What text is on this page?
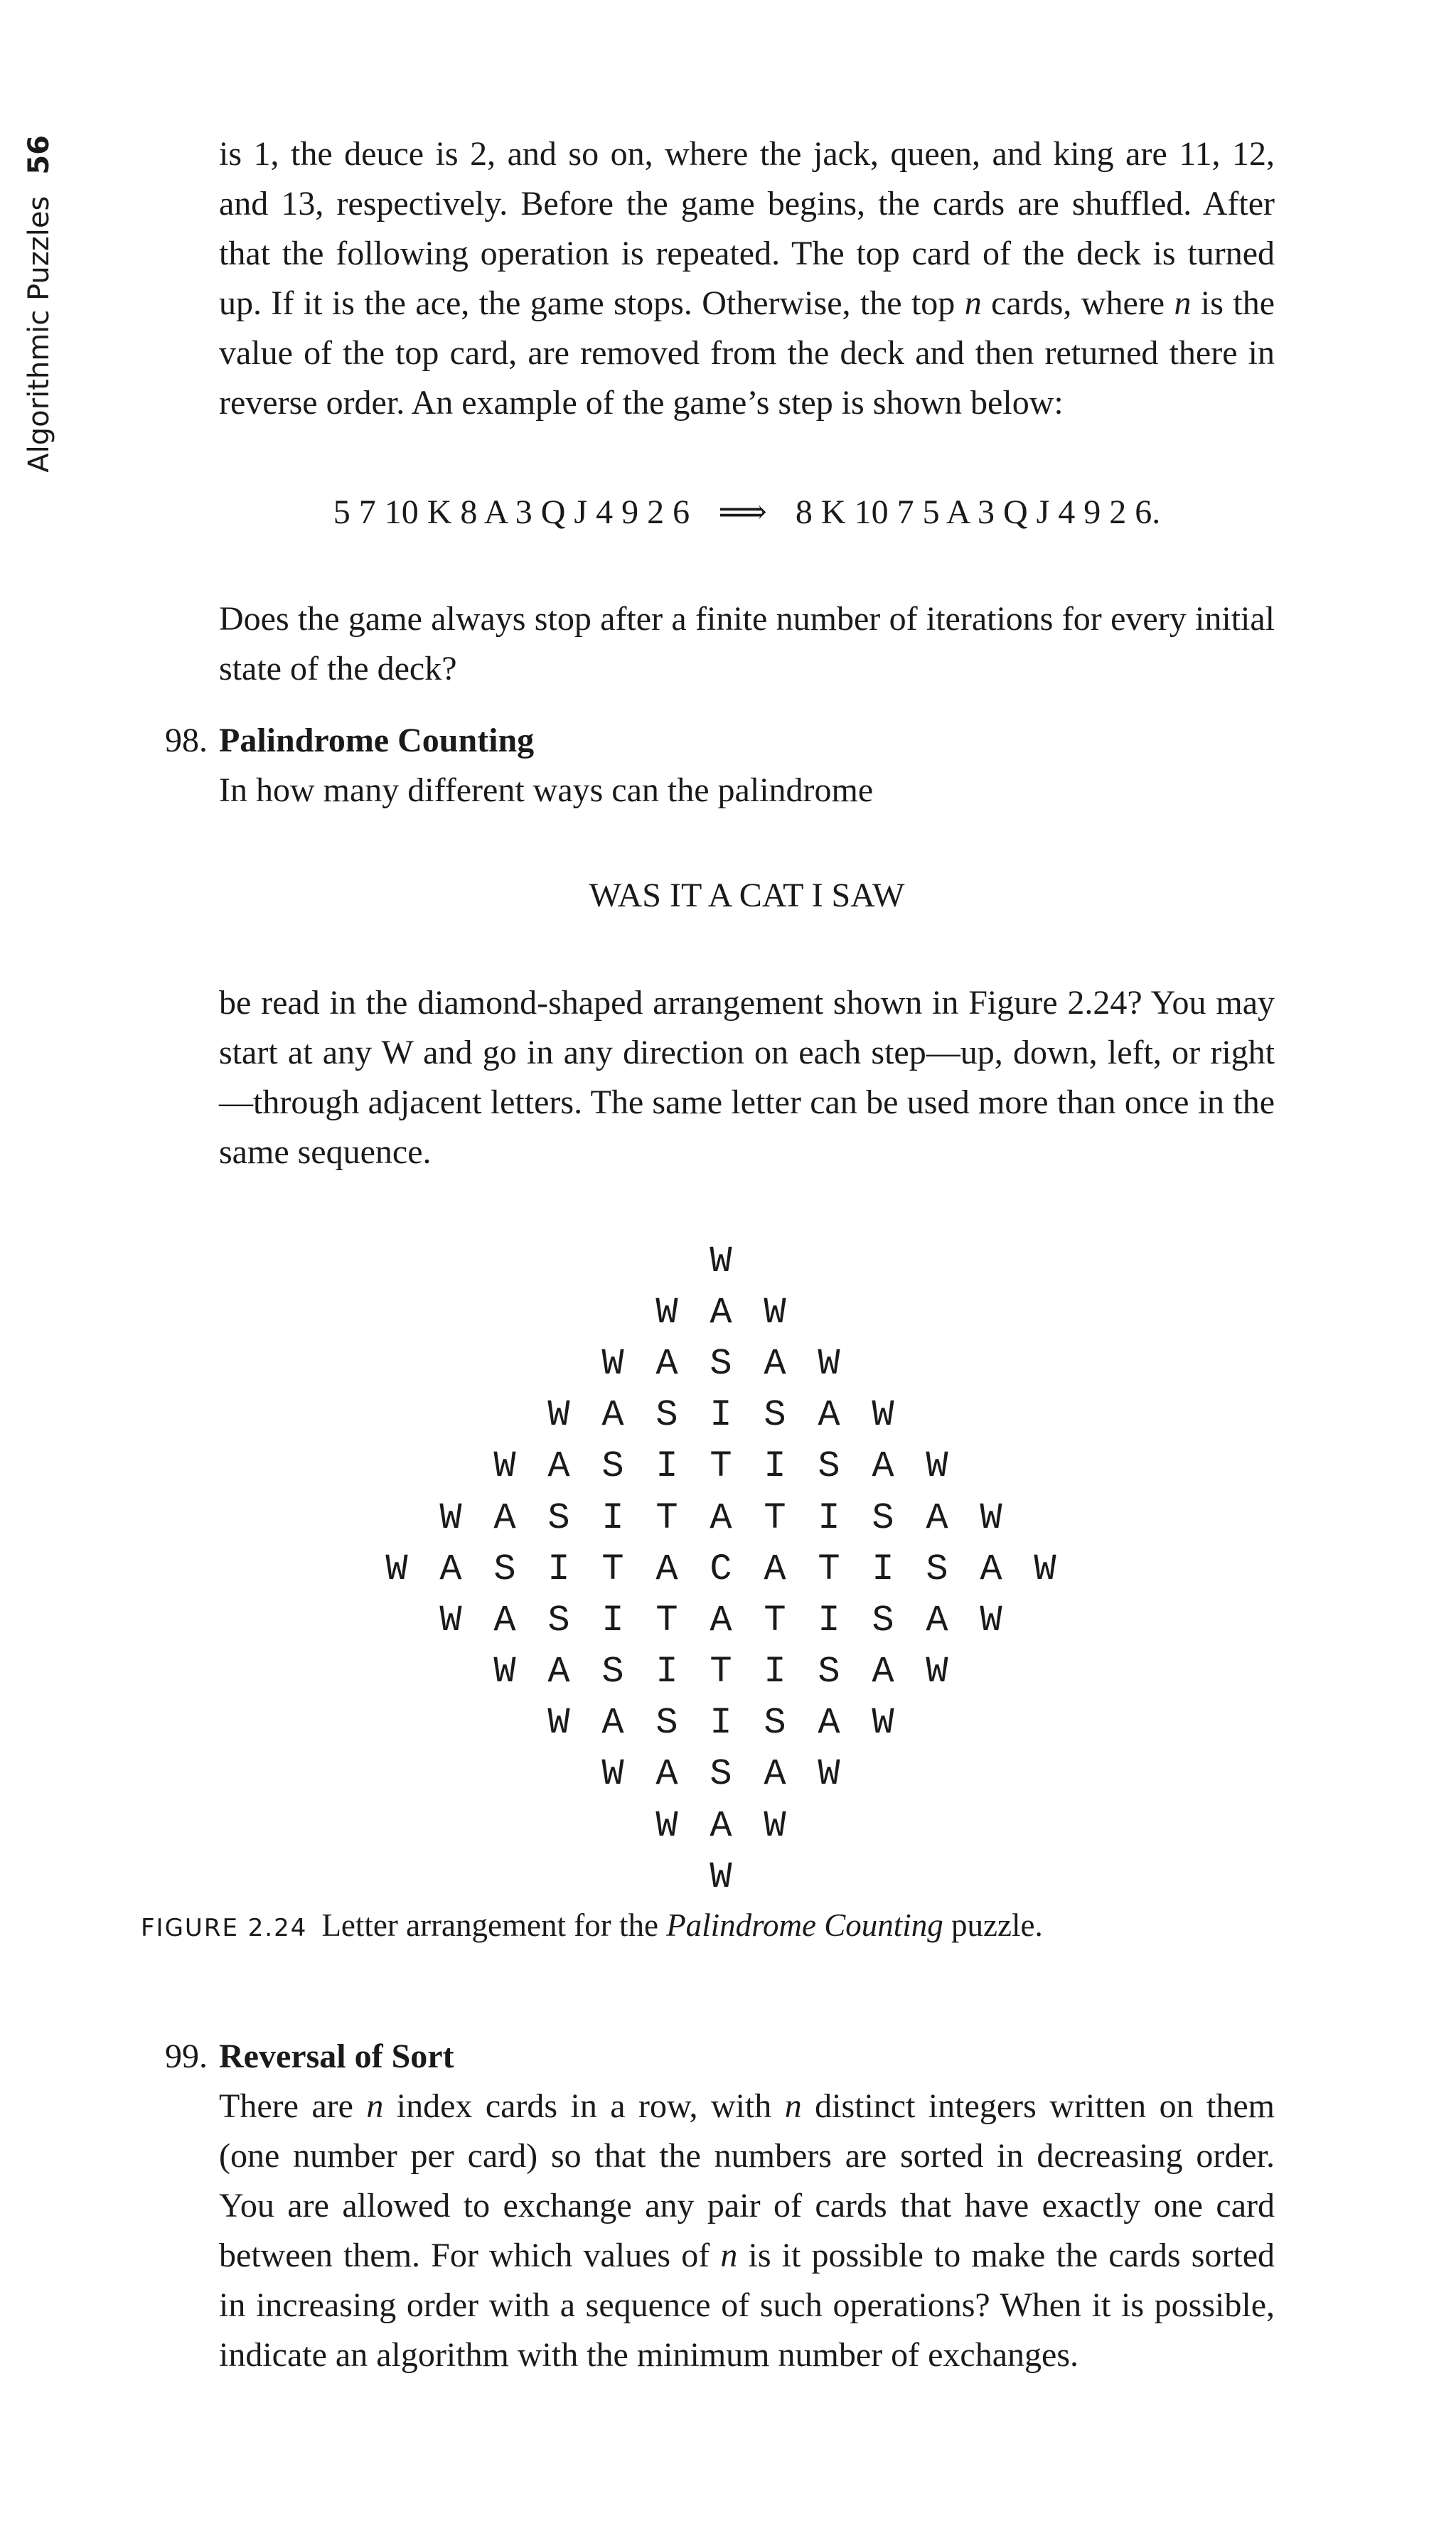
Algorithmic Puzzles
56	is 1, the deuce is 2, and so on, where the jack, queen, and king are 11, 12, and 13, respectively. Before the game begins, the cards are shuffled. After that the following operation is repeated. The top card of the deck is turned up. If it is the ace, the game stops. Otherwise, the top n cards, where n is the value of the top card, are removed from the deck and then returned there in reverse order. An example of the game’s step is shown below:

5 7 10 K 8 A 3 Q J 4 9 2 6 ⟹ 8 K 10 7 5 A 3 Q J 4 9 2 6.

Does the game always stop after a finite number of iterations for every initial state of the deck?

98. Palindrome Counting

In how many different ways can the palindrome

WAS IT A CAT I SAW

be read in the diamond-shaped arrangement shown in Figure 2.24? You may start at any W and go in any direction on each step—up, down, left, or right—through adjacent letters. The same letter can be used more than once in the same sequence.

W
W A W
W A S A W
W A S I S A W
W A S I T I S A W
W A S I T A T I S A W
W A S I T A C A T I S A W
W A S I T A T I S A W
W A S I T I S A W
W A S I S A W
W A S A W
W A W
W
FIGURE 2.24 Letter arrangement for the Palindrome Counting puzzle.
99. Reversal of Sort

There are n index cards in a row, with n distinct integers written on them (one number per card) so that the numbers are sorted in decreasing order. You are allowed to exchange any pair of cards that have exactly one card between them. For which values of n is it possible to make the cards sorted in increasing order with a sequence of such operations? When it is possible, indicate an algorithm with the minimum number of exchanges.
